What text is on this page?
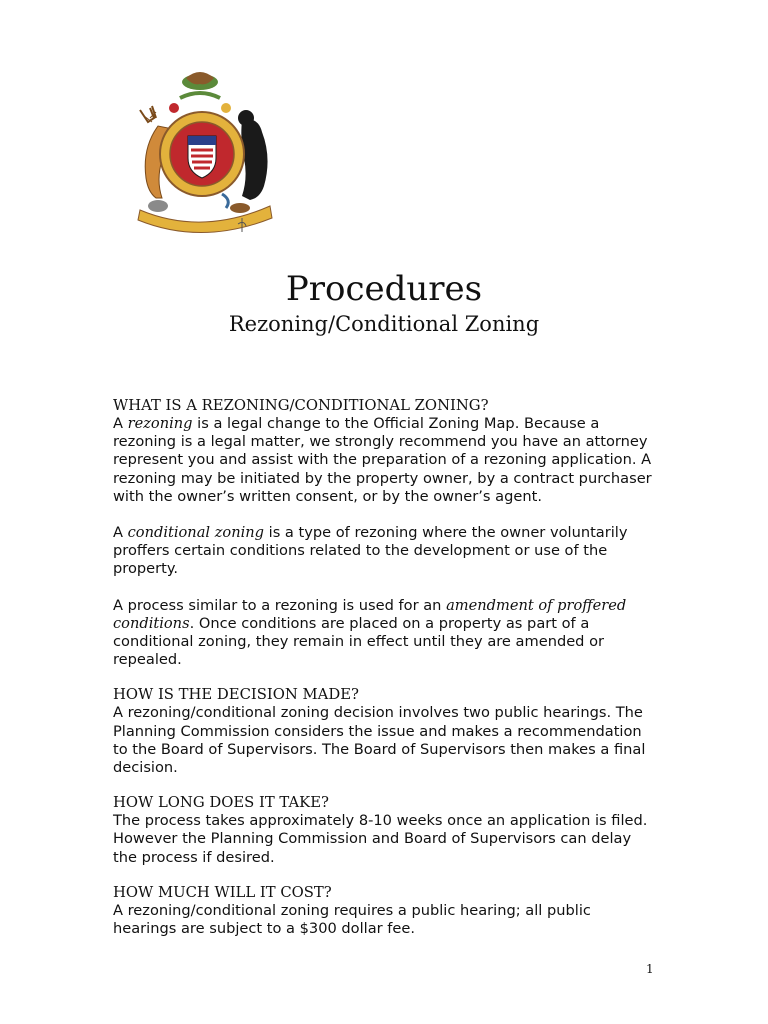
Procedures
Rezoning/Conditional Zoning

WHAT IS A REZONING/CONDITIONAL ZONING?

A rezoning is a legal change to the Official Zoning Map. Because a rezoning is a legal matter, we strongly recommend you have an attorney represent you and assist with the preparation of a rezoning application. A rezoning may be initiated by the property owner, by a contract purchaser with the owner’s written consent, or by the owner’s agent.

A conditional zoning is a type of rezoning where the owner voluntarily proffers certain conditions related to the development or use of the property.

A process similar to a rezoning is used for an amendment of proffered conditions. Once conditions are placed on a property as part of a conditional zoning, they remain in effect until they are amended or repealed.

HOW IS THE DECISION MADE?

A rezoning/conditional zoning decision involves two public hearings. The Planning Commission considers the issue and makes a recommendation to the Board of Supervisors. The Board of Supervisors then makes a final decision.

HOW LONG DOES IT TAKE?

The process takes approximately 8-10 weeks once an application is filed. However the Planning Commission and Board of Supervisors can delay the process if desired.

HOW MUCH WILL IT COST?

A rezoning/conditional zoning requires a public hearing; all public hearings are subject to a $300 dollar fee.

1
